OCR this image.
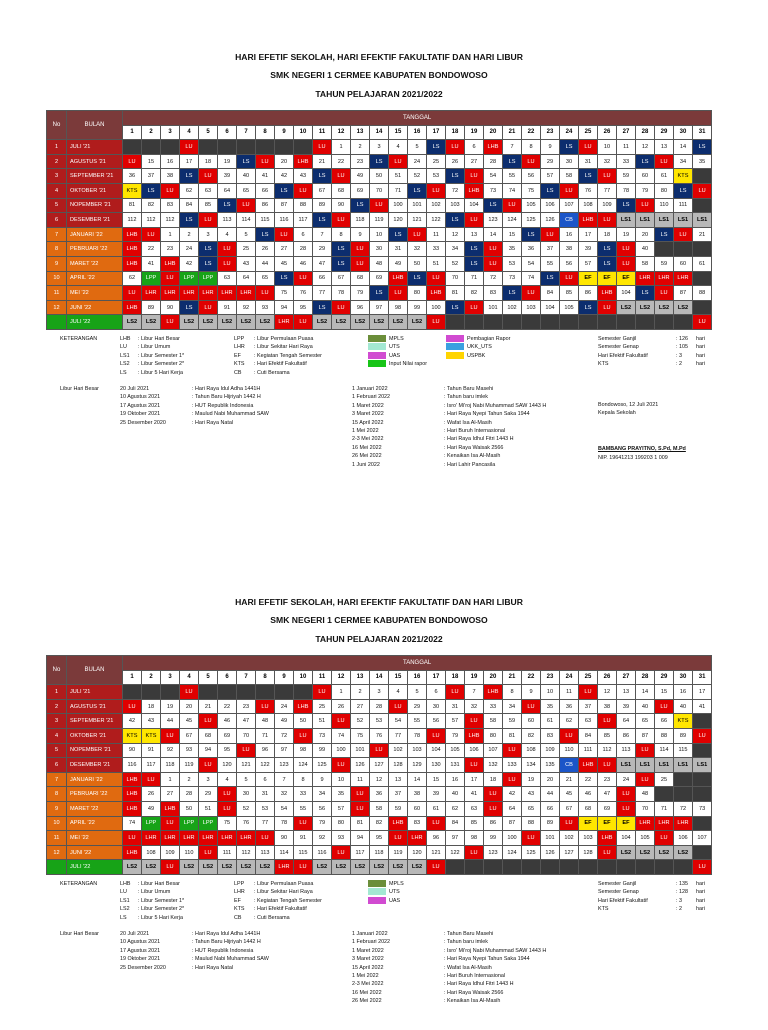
HARI EFETIF SEKOLAH, HARI EFEKTIF FAKULTATIF DAN HARI LIBUR
SMK NEGERI 1 CERMEE KABUPATEN BONDOWOSO
TAHUN PELAJARAN 2021/2022
No	BULAN	TANGGAL																														
		1	2	3	4	5	6	7	8	9	10	11	12	13	14	15	16	17	18	19	20	21	22	23	24	25	26	27	28	29	30	31
1	JULI '21				LU							LU	1	2	3	4	5	LS	LU	6	LHB	7	8	9	LS	LU	10	11	12	13	14	LS
2	AGUSTUS '21	LU	15	16	17	18	19	LS	LU	20	LHB	21	22	23	LS	LU	24	25	26	27	28	LS	LU	29	30	31	32	33	LS	LU	34	35
3	SEPTEMBER '21	36	37	38	LS	LU	39	40	41	42	43	LS	LU	49	50	51	52	53	LS	LU	54	55	56	57	58	LS	LU	59	60	61	KTS	
4	OKTOBER '21	KTS	LS	LU	62	63	64	65	66	LS	LU	67	68	69	70	71	LS	LU	72	LHB	73	74	75	LS	LU	76	77	78	79	80	LS	LU
5	NOPEMBER '21	81	82	83	84	85	LS	LU	86	87	88	89	90	LS	LU	100	101	102	103	104	LS	LU	105	106	107	108	109	LS	LU	110	111	
6	DESEMBER '21	112	112	112	LS	LU	113	114	115	116	117	LS	LU	118	119	120	121	122	LS	LU	123	124	125	126	CB	LHB	LU	LS1	LS1	LS1	LS1	LS1
7	JANUARI '22	LHB	LU	1	2	3	4	5	LS	LU	6	7	8	9	10	LS	LU	11	12	13	14	15	LS	LU	16	17	18	19	20	LS	LU	21
8	PEBRUARI '22	LHB	22	23	24	LS	LU	25	26	27	28	29	LS	LU	30	31	32	33	34	LS	LU	35	36	37	38	39	LS	LU	40			
9	MARET '22	LHB	41	LHB	42	LS	LU	43	44	45	46	47	LS	LU	48	49	50	51	52	LS	LU	53	54	55	56	57	LS	LU	58	59	60	61
10	APRIL '22	62	LPP	LU	LPP	LPP	63	64	65	LS	LU	66	67	68	69	LHB	LS	LU	70	71	72	73	74	LS	LU	EF	EF	EF	LHR	LHR	LHR	
11	MEI '22	LU	LHR	LHR	LHR	LHR	LHR	LHR	LU	75	76	77	78	79	LS	LU	80	LHB	81	82	83	LS	LU	84	85	86	LHB	104	LS	LU	87	88
12	JUNI '22	LHB	89	90	LS	LU	91	92	93	94	95	LS	LU	96	97	98	99	100	LS	LU	101	102	103	104	105	LS	LU	LS2	LS2	LS2	LS2	
	JULI '22	LS2	LS2	LU	LS2	LS2	LS2	LS2	LS2	LHR	LU	LS2	LS2	LS2	LS2	LS2	LS2	LU														LU
KETERANGAN	LHB : Libur Hari Besar
LU : Libur Umum
LS1 : Libur Semester 1*
LS2 : Libur Semester 2*
LS : Libur 5 Hari Kerja
LPP : Libur Permulaan Puasa
LHR : Libur Sekitar Hari Raya
EF : Kegiatan Tengah Semester
KTS : Hari Efektif Fakultatif
CB : Cuti Bersama
MPLS
UTS
UAS
Input Nilai rapor
Pembagian Rapor
UKK_UTS
USPBK
Semester Ganjil	: 126 hari
Semester Genap	: 105 hari
Hari Efektif Fakultatif	: 3	hari
KTS	: 2	hari
Libur Hari Besar	20 Juli 2021	: Hari Raya Idul Adha 1441H
10 Agustus 2021	: Tahun Baru Hijriyah 1442 H
17 Agustus 2021	: HUT Republik Indonesia
19 Oktober 2021	: Maulud Nabi Muhammad SAW
25 Desember 2020	: Hari Raya Natal
1 Januari 2022	: Tahun Baru Masehi
1 Februari 2022	: Tahun baru imlek
1 Maret 2022	: Isro' Mi'roj Nabi Muhammad SAW 1443 H
3 Maret 2022	: Hari Raya Nyepi Tahun Saka 1944
15 April 2022	: Wafat Isa Al-Masih
1 Mei 2022	: Hari Buruh Internasional
2-3 Mei 2022	: Hari Raya Idhul Fitri 1443 H
16 Mei 2022	: Hari Raya Waisak 2566
26 Mei 2022	: Kenaikan Isa Al-Masih
1 Juni 2022	: Hari Lahir Pancasila
Bondowoso, 12 Juli 2021
Kepala Sekolah
BAMBANG PRAYITNO, S.Pd, M.Pd
NIP. 19641213 199203 1 009
HARI EFETIF SEKOLAH, HARI EFEKTIF FAKULTATIF DAN HARI LIBUR
SMK NEGERI 1 CERMEE KABUPATEN BONDOWOSO
TAHUN PELAJARAN 2021/2022
No	BULAN	TANGGAL																														
		1	2	3	4	5	6	7	8	9	10	11	12	13	14	15	16	17	18	19	20	21	22	23	24	25	26	27	28	29	30	31
1	JULI '21				LU							LU	1	2	3	4	5	6	LU	7	LHB	8	9	10	11	LU	12	13	14	15	16	17
2	AGUSTUS '21	LU	18	19	20	21	22	23	LU	24	LHB	25	26	27	28	LU	29	30	31	32	33	34	LU	35	36	37	38	39	40	LU	40	41
3	SEPTEMBER '21	42	43	44	45	LU	46	47	48	49	50	51	LU	52	53	54	55	56	57	LU	58	59	60	61	62	63	LU	64	65	66	KTS	
4	OKTOBER '21	KTS	KTS	LU	67	68	69	70	71	72	LU	73	74	75	76	77	78	LU	79	LHB	80	81	82	83	LU	84	85	86	87	88	89	LU
5	NOPEMBER '21	90	91	92	93	94	95	LU	96	97	98	99	100	101	LU	102	103	104	105	106	107	LU	108	109	110	111	112	113	LU	114	115	
6	DESEMBER '21	116	117	118	119	LU	120	121	122	123	124	125	LU	126	127	128	129	130	131	LU	132	133	134	135	CB	LHB	LU	LS1	LS1	LS1	LS1	LS1
7	JANUARI '22	LHB	LU	1	2	3	4	5	6	7	8	9	10	11	12	13	14	15	16	17	18	LU	19	20	21	22	23	24	LU	25		
8	PEBRUARI '22	LHB	26	27	28	29	LU	30	31	32	33	34	35	LU	36	37	38	39	40	41	LU	42	43	44	45	46	47	LU	48			
9	MARET '22	LHB	49	LHB	50	51	LU	52	53	54	55	56	57	LU	58	59	60	61	62	63	LU	64	65	66	67	68	69	LU	70	71	72	73
10	APRIL '22	74	LPP	LU	LPP	LPP	75	76	77	78	LU	79	80	81	82	LHB	83	LU	84	85	86	87	88	89	LU	EF	EF	EF	LHR	LHR	LHR	
11	MEI '22	LU	LHR	LHR	LHR	LHR	LHR	LHR	LU	90	91	92	93	94	95	LU	LHR	96	97	98	99	100	LU	101	102	103	LHB	104	105	LU	106	107
12	JUNI '22	LHB	108	109	110	LU	111	112	113	114	115	116	LU	117	118	119	120	121	122	LU	123	124	125	126	127	128	LU	LS2	LS2	LS2	LS2	
	JULI '22	LS2	LS2	LU	LS2	LS2	LS2	LS2	LS2	LHR	LU	LS2	LS2	LS2	LS2	LS2	LS2	LU														LU
KETERANGAN	LHB : Libur Hari Besar
LU : Libur Umum
LS1 : Libur Semester 1*
LS2 : Libur Semester 2*
LS : Libur 5 Hari Kerja
LPP : Libur Permulaan Puasa
LHR : Libur Sekitar Hari Raya
EF : Kegiatan Tengah Semester
KTS : Hari Efektif Fakultatif
CB : Cuti Bersama
MPLS
UTS
UAS
Semester Ganjil	: 135 hari
Semester Genap	: 128 hari
Hari Efektif Fakultatif	: 3	hari
KTS	: 2	hari
Libur Hari Besar	20 Juli 2021	: Hari Raya Idul Adha 1441H
10 Agustus 2021	: Tahun Baru Hijriyah 1442 H
17 Agustus 2021	: HUT Republik Indonesia
19 Oktober 2021	: Maulud Nabi Muhammad SAW
25 Desember 2020	: Hari Raya Natal
1 Januari 2022	: Tahun Baru Masehi
1 Februari 2022	: Tahun baru imlek
1 Maret 2022	: Isro' Mi'roj Nabi Muhammad SAW 1443 H
3 Maret 2022	: Hari Raya Nyepi Tahun Saka 1944
15 April 2022	: Wafat Isa Al-Masih
1 Mei 2022	: Hari Buruh Internasional
2-3 Mei 2022	: Hari Raya Idhul Fitri 1443 H
16 Mei 2022	: Hari Raya Waisak 2566
26 Mei 2022	: Kenaikan Isa Al-Masih
